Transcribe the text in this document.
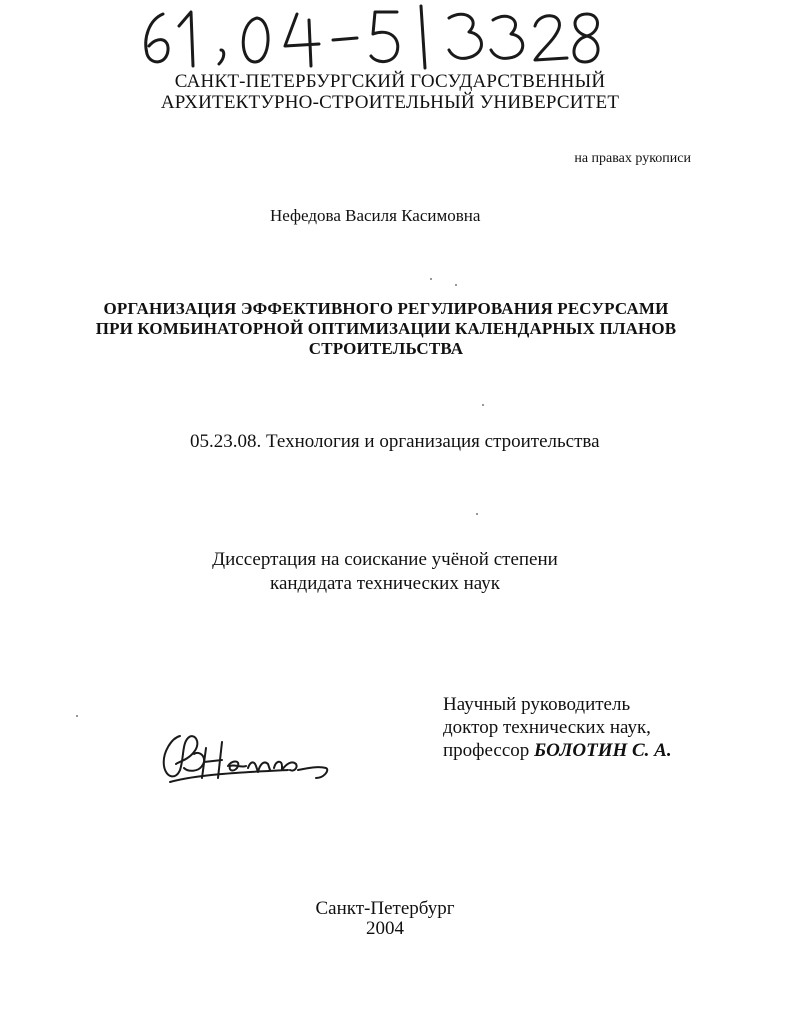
САНКТ-ПЕТЕРБУРГСКИЙ ГОСУДАРСТВЕННЫЙ
АРХИТЕКТУРНО-СТРОИТЕЛЬНЫЙ УНИВЕРСИТЕТ
на правах рукописи
Нефедова Василя Касимовна
ОРГАНИЗАЦИЯ ЭФФЕКТИВНОГО РЕГУЛИРОВАНИЯ РЕСУРСАМИ
ПРИ КОМБИНАТОРНОЙ ОПТИМИЗАЦИИ КАЛЕНДАРНЫХ ПЛАНОВ
СТРОИТЕЛЬСТВА
05.23.08. Технология и организация строительства
Диссертация на соискание учёной степени
кандидата технических наук
Научный руководитель
доктор технических наук,
профессор БОЛОТИН С. А.
Санкт-Петербург
2004
